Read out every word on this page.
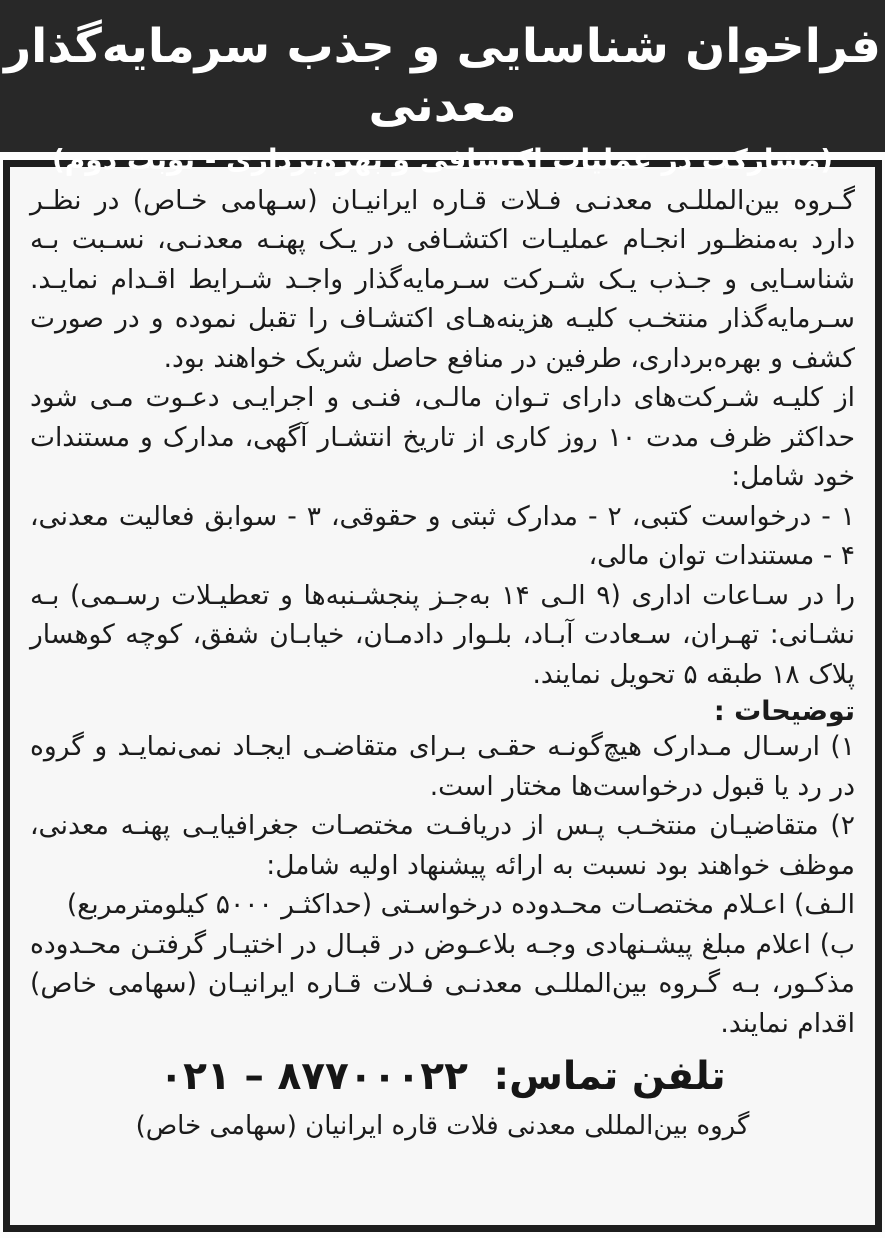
فراخوان شناسایی و جذب سرمایه‌گذار معدنی
(مشارکت در عملیات اکتشافی و بهره‌برداری - نوبت دوم)

گـروه بین‌المللـی معدنـی فـلات قـاره ایرانیـان (سـهامی خـاص) در نظـر دارد به‌منظـور انجـام عملیـات اکتشـافی در یـک پهنـه معدنـی، نسـبت بـه شناسـایی و جـذب یـک شـرکت سـرمایه‌گذار واجـد شـرایط اقـدام نمایـد. سـرمایه‌گذار منتخـب کلیـه هزینه‌هـای اکتشـاف را تقبل نموده و در صورت کشف و بهره‌برداری، طرفین در منافع حاصل شریک خواهند بود.

از کلیـه شـرکت‌های دارای تـوان مالـی، فنـی و اجرایـی دعـوت مـی شود حداکثر ظرف مدت ۱۰ روز کاری از تاریخ انتشـار آگهی، مدارک و مستندات خود شامل:

۱ - درخواست کتبی، ۲ - مدارک ثبتی و حقوقی، ۳ - سوابق فعالیت معدنی، ۴ - مستندات توان مالی،

را در سـاعات اداری (۹ الـی ۱۴ به‌جـز پنجشـنبه‌ها و تعطیـلات رسـمی) بـه نشـانی: تهـران، سـعادت آبـاد، بلـوار دادمـان، خیابـان شفق، کوچه کوهسار پلاک ۱۸ طبقه ۵ تحویل نمایند.

توضیحات :

۱) ارسـال مـدارک هیچ‌گونـه حقـی بـرای متقاضـی ایجـاد نمی‌نمایـد و گروه در رد یا قبول درخواست‌ها مختار است.

۲) متقاضیـان منتخـب پـس از دریافـت مختصـات جغرافیایـی پهنـه معدنی، موظف خواهند بود نسبت به ارائه پیشنهاد اولیه شامل:

الـف) اعـلام مختصـات محـدوده درخواسـتی (حداکثـر ۵۰۰۰ کیلومترمربع)

ب) اعلام مبلغ پیشـنهادی وجـه بلاعـوض در قبـال در اختیـار گرفتـن محـدوده مذکـور، بـه گـروه بین‌المللـی معدنـی فـلات قـاره ایرانیـان (سهامی خاص) اقدام نمایند.

تلفن تماس: ۸۷۷۰۰۰۲۲ – ۰۲۱
گروه بین‌المللی معدنی فلات قاره ایرانیان (سهامی خاص)
